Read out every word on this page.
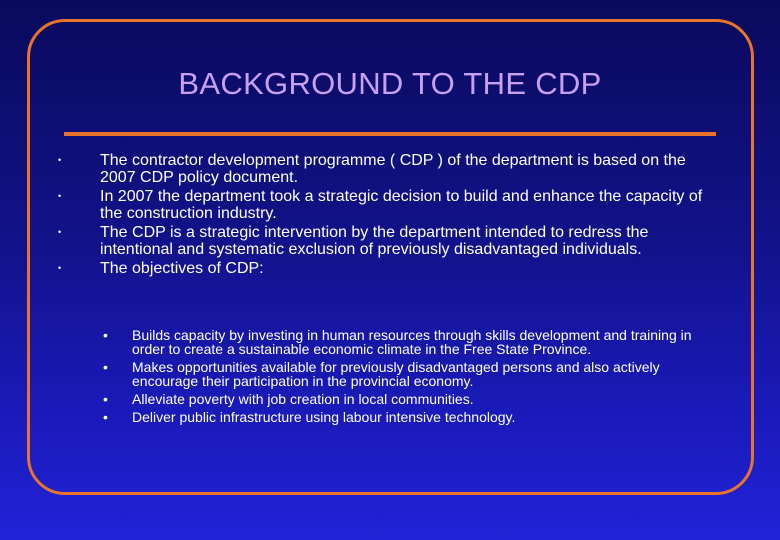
BACKGROUND TO THE CDP
• The contractor development programme ( CDP ) of the department is based on the 2007 CDP policy document.
• In 2007 the department took a strategic decision to build and enhance the capacity of the construction industry.
• The CDP is a strategic intervention by the department intended to redress the intentional and systematic exclusion of previously disadvantaged individuals.
• The objectives of CDP:
• Builds capacity by investing in human resources through skills development and training in order to create a sustainable economic climate in the Free State Province.
• Makes opportunities available for previously disadvantaged persons and also actively encourage their participation in the provincial economy.
• Alleviate poverty with job creation in local communities.
• Deliver public infrastructure using labour intensive technology.
